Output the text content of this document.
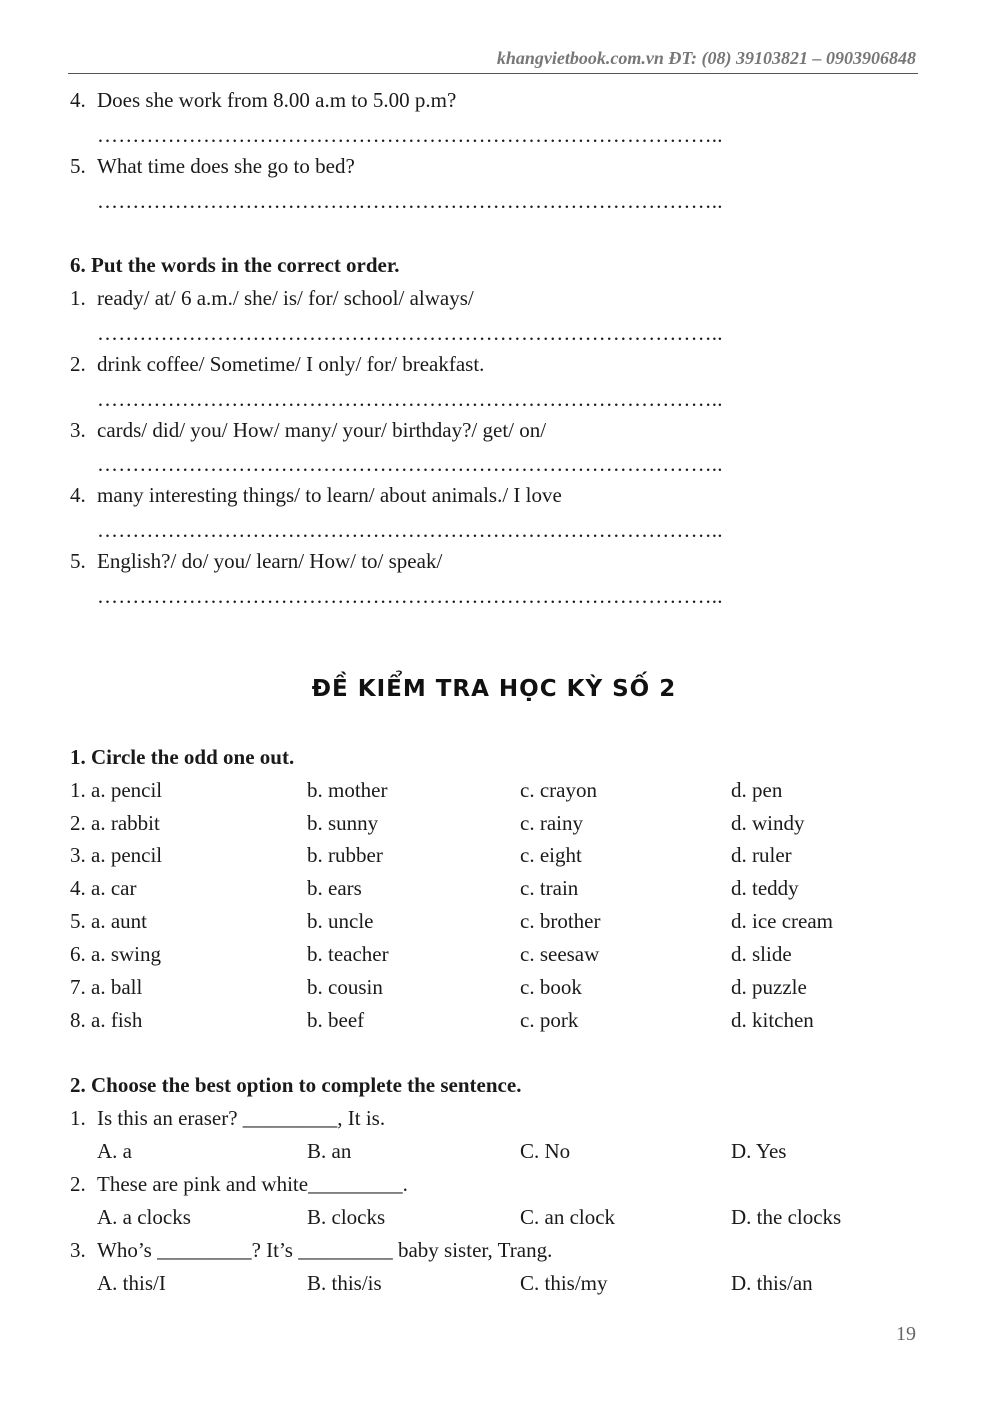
khangvietbook.com.vn ĐT: (08) 39103821 – 0903906848
4. Does she work from 8.00 a.m to 5.00 p.m?
……………………………………………………………………………..
5. What time does she go to bed?
……………………………………………………………………………..
6. Put the words in the correct order.
1. ready/ at/ 6 a.m./ she/ is/ for/ school/ always/
……………………………………………………………………………..
2. drink coffee/ Sometime/ I only/ for/ breakfast.
……………………………………………………………………………..
3. cards/ did/ you/ How/ many/ your/ birthday?/ get/ on/
……………………………………………………………………………..
4. many interesting things/ to learn/ about animals./ I love
……………………………………………………………………………..
5. English?/ do/ you/ learn/ How/ to/ speak/
……………………………………………………………………………..
ĐỀ KIỂM TRA HỌC KỲ SỐ 2
1. Circle the odd one out.
1. a. pencil	b. mother	c. crayon	d. pen
2. a. rabbit	b. sunny	c. rainy	d. windy
3. a. pencil	b. rubber	c. eight	d. ruler
4. a. car	b. ears	c. train	d. teddy
5. a. aunt	b. uncle	c. brother	d. ice cream
6. a. swing	b. teacher	c. seesaw	d. slide
7. a. ball	b. cousin	c. book	d. puzzle
8. a. fish	b. beef	c. pork	d. kitchen
2. Choose the best option to complete the sentence.
1. Is this an eraser? _________, It is.
A. a	B. an	C. No	D. Yes
2. These are pink and white_________.
A. a clocks	B. clocks	C. an clock	D. the clocks
3. Who’s _________? It’s _________ baby sister, Trang.
A. this/I	B. this/is	C. this/my	D. this/an
19
